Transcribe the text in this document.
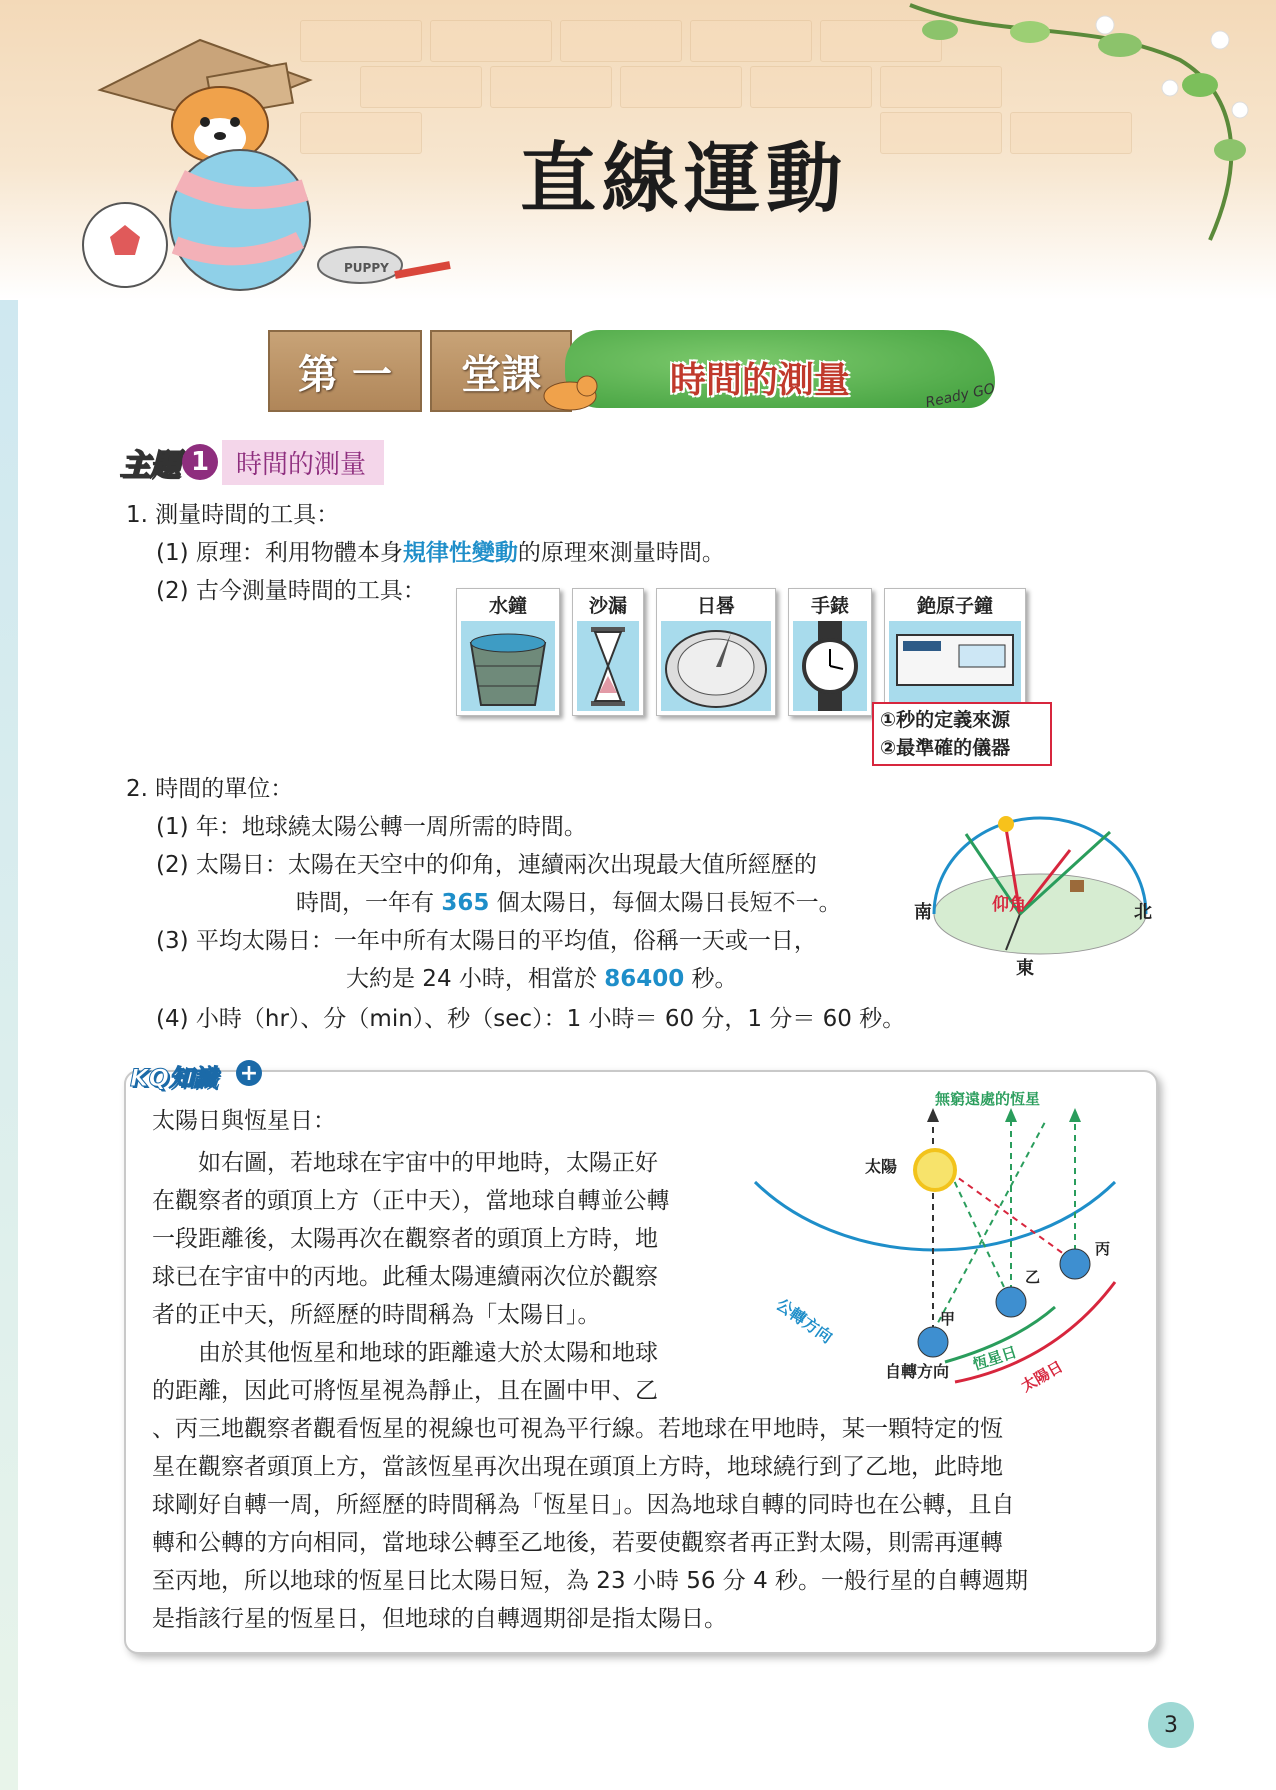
PUPPY
直線運動
第 一	堂課	時間的測量	Ready GO
主題 1	時間的測量
1. 測量時間的工具：
(1) 原理：利用物體本身規律性變動的原理來測量時間。
(2) 古今測量時間的工具：
水鐘	沙漏	日晷	手錶	銫原子鐘
①秒的定義來源
②最準確的儀器
2. 時間的單位：
(1) 年：地球繞太陽公轉一周所需的時間。
(2) 太陽日：太陽在天空中的仰角，連續兩次出現最大值所經歷的
時間，一年有 365 個太陽日，每個太陽日長短不一。
(3) 平均太陽日：一年中所有太陽日的平均值，俗稱一天或一日，
大約是 24 小時，相當於 86400 秒。
(4) 小時（hr）、分（min）、秒（sec）：1 小時＝ 60 分，1 分＝ 60 秒。
南	北
東
仰角
KQ知識 +
太陽日與恆星日：
　　如右圖，若地球在宇宙中的甲地時，太陽正好
在觀察者的頭頂上方（正中天），當地球自轉並公轉
一段距離後，太陽再次在觀察者的頭頂上方時，地
球已在宇宙中的丙地。此種太陽連續兩次位於觀察
者的正中天，所經歷的時間稱為「太陽日」。
　　由於其他恆星和地球的距離遠大於太陽和地球
的距離，因此可將恆星視為靜止，且在圖中甲、乙
、丙三地觀察者觀看恆星的視線也可視為平行線。若地球在甲地時，某一顆特定的恆
星在觀察者頭頂上方，當該恆星再次出現在頭頂上方時，地球繞行到了乙地，此時地
球剛好自轉一周，所經歷的時間稱為「恆星日」。因為地球自轉的同時也在公轉，且自
轉和公轉的方向相同，當地球公轉至乙地後，若要使觀察者再正對太陽，則需再運轉
至丙地，所以地球的恆星日比太陽日短，為 23 小時 56 分 4 秒。一般行星的自轉週期
是指該行星的恆星日，但地球的自轉週期卻是指太陽日。
無窮遠處的恆星
太陽
公轉方向
自轉方向
甲
乙
丙
恆星日
太陽日
3
